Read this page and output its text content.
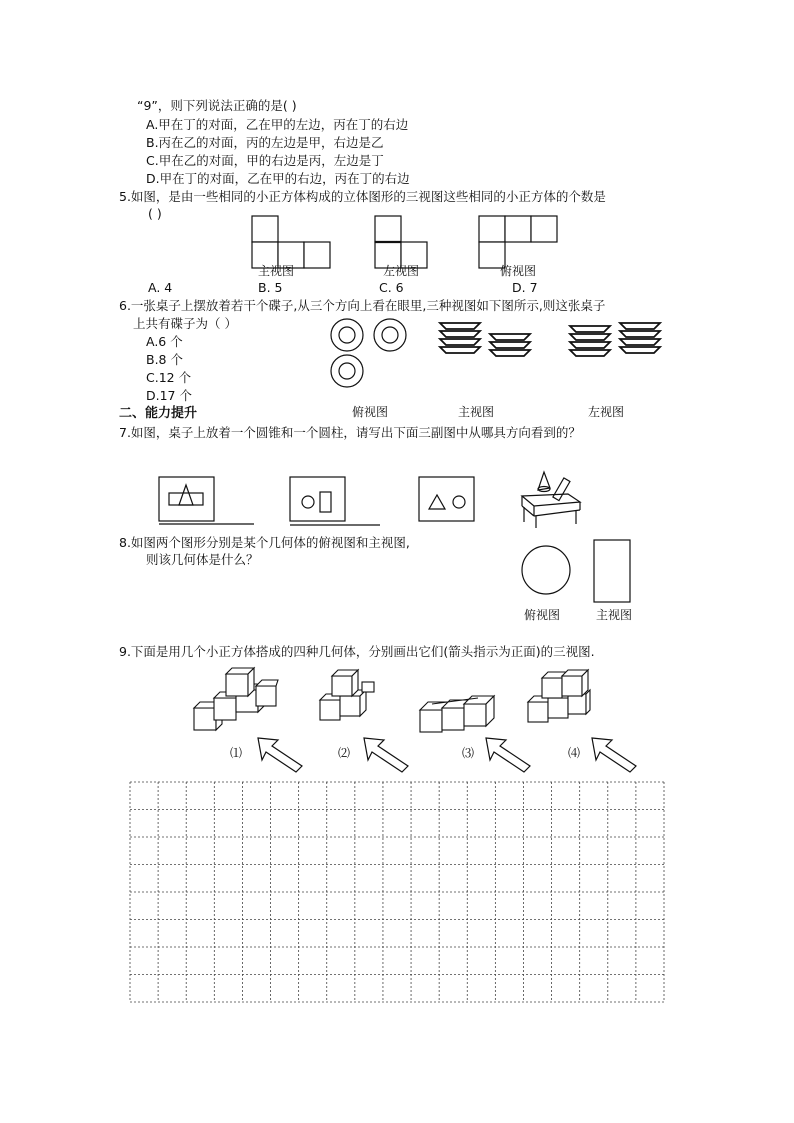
“9”，则下列说法正确的是( )
A.甲在丁的对面，乙在甲的左边，丙在丁的右边
B.丙在乙的对面，丙的左边是甲，右边是乙
C.甲在乙的对面，甲的右边是丙，左边是丁
D.甲在丁的对面，乙在甲的右边，丙在丁的右边
5.如图，是由一些相同的小正方体构成的立体图形的三视图这些相同的小正方体的个数是
( )
主视图	左视图	俯视图
A. 4	B. 5	C. 6	D. 7
6.一张桌子上摆放着若干个碟子,从三个方向上看在眼里,三种视图如下图所示,则这张桌子
上共有碟子为（ ）
A.6 个
B.8 个
C.12 个
D.17 个
俯视图	主视图	左视图
二、能力提升
7.如图，桌子上放着一个圆锥和一个圆柱，请写出下面三副图中从哪具方向看到的？
8.如图两个图形分别是某个几何体的俯视图和主视图,
则该几何体是什么？
俯视图	主视图
9.下面是用几个小正方体搭成的四种几何体，分别画出它们(箭头指示为正面)的三视图.
⑴	⑵	⑶	⑷
